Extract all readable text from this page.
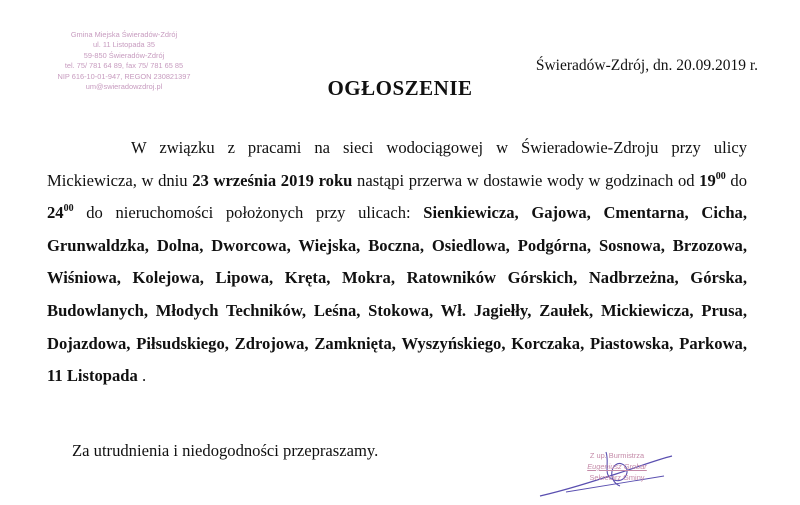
Gmina Miejska Świeradów-Zdrój
ul. 11 Listopada 35
59-850 Świeradów-Zdrój
tel. 75/ 781 64 89, fax 75/ 781 65 85
NIP 616-10-01-947, REGON 230821397
um@swieradowzdroj.pl
Świeradów-Zdrój, dn. 20.09.2019 r.
OGŁOSZENIE

W związku z pracami na sieci wodociągowej w Świeradowie-Zdroju przy ulicy Mickiewicza, w dniu 23 września 2019 roku nastąpi przerwa w dostawie wody w godzinach od $19^{00}$ do $24^{00}$ do nieruchomości położonych przy ulicach: Sienkiewicza, Gajowa, Cmentarna, Cicha, Grunwaldzka, Dolna, Dworcowa, Wiejska, Boczna, Osiedlowa, Podgórna, Sosnowa, Brzozowa, Wiśniowa, Kolejowa, Lipowa, Kręta, Mokra, Ratowników Górskich, Nadbrzeżna, Górska, Budowlanych, Młodych Techników, Leśna, Stokowa, Wł. Jagiełły, Zaułek, Mickiewicza, Prusa, Dojazdowa, Piłsudskiego, Zdrojowa, Zamknięta, Wyszyńskiego, Korczaka, Piastowska, Parkowa, 11 Listopada .

Za utrudnienia i niedogodności przepraszamy.	Z up. Burmistrza
Eugeniusz Grobar
Sekretarz Gminy
